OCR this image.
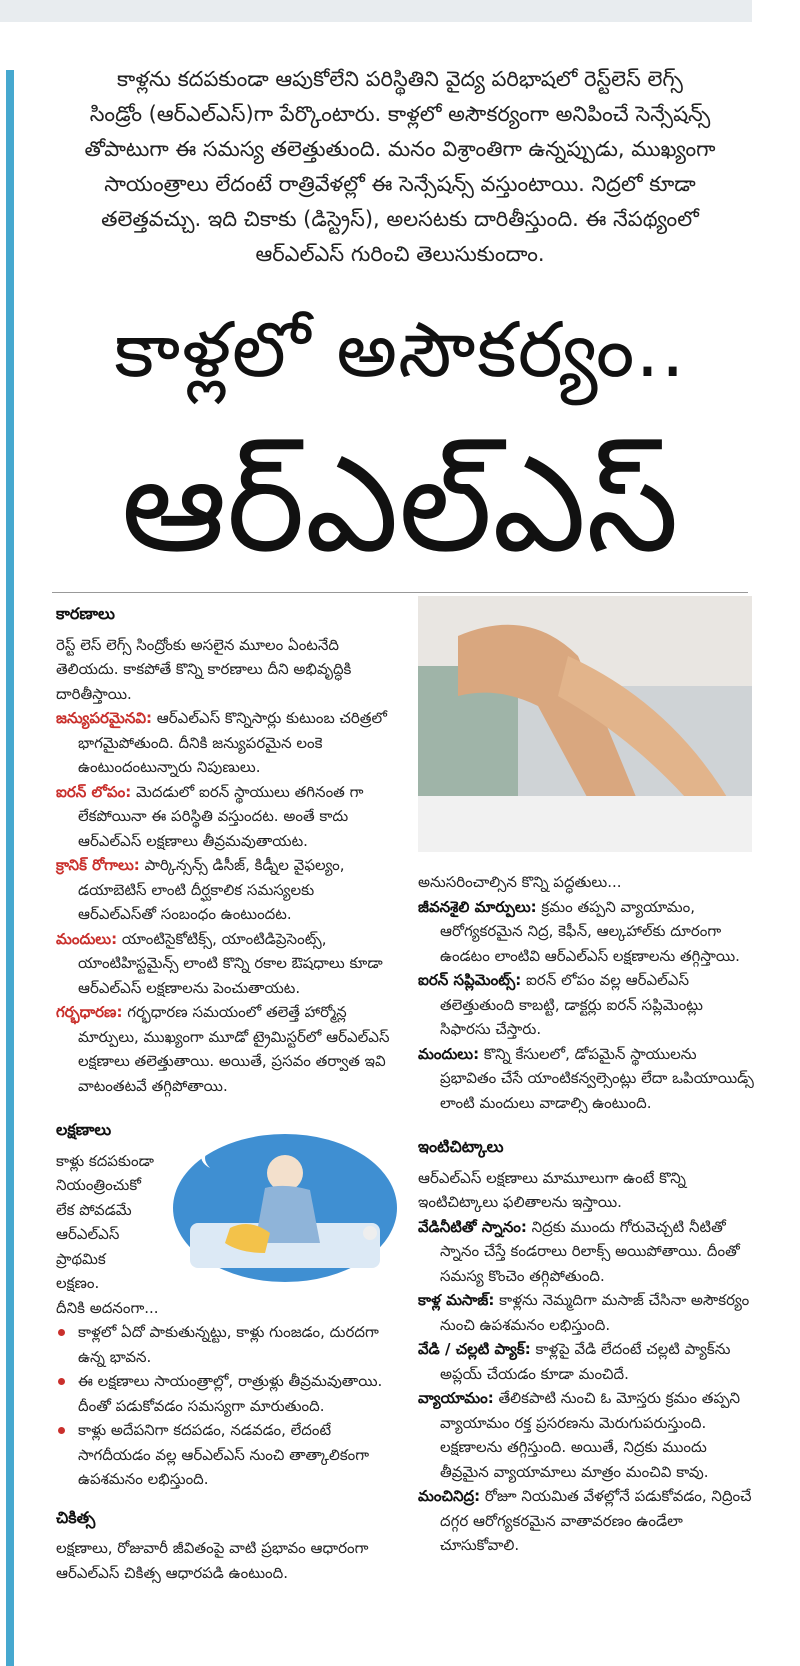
కాళ్లను కదపకుండా ఆపుకోలేని పరిస్థితిని వైద్య పరిభాషలో రెస్ట్‌లెస్ లెగ్స్

సిండ్రోం (ఆర్‌ఎల్‌ఎస్)గా పేర్కొంటారు. కాళ్లలో అసౌకర్యంగా అనిపించే సెన్సేషన్స్

తోపాటుగా ఈ సమస్య తలెత్తుతుంది. మనం విశ్రాంతిగా ఉన్నప్పుడు, ముఖ్యంగా

సాయంత్రాలు లేదంటే రాత్రివేళల్లో ఈ సెన్సేషన్స్ వస్తుంటాయి. నిద్రలో కూడా

తలెత్తవచ్చు. ఇది చికాకు (డిస్ట్రెస్), అలసటకు దారితీస్తుంది. ఈ నేపథ్యంలో

ఆర్‌ఎల్‌ఎస్ గురించి తెలుసుకుందాం.

కాళ్లలో అసౌకర్యం..
ఆర్‌ఎల్‌ఎస్
కారణాలు

రెస్ట్ లెస్ లెగ్స్ సింద్రోంకు అసలైన మూలం ఏంటనేది తెలియదు. కాకపోతే కొన్ని కారణాలు దీని అభివృద్ధికి దారితీస్తాయి.

జన్యుపరమైనవి: ఆర్‌ఎల్‌ఎస్ కొన్నిసార్లు కుటుంబ చరిత్రలో భాగమైపోతుంది. దీనికి జన్యుపరమైన లంకె ఉంటుందంటున్నారు నిపుణులు.

ఐరన్ లోపం: మెదడులో ఐరన్ స్థాయులు తగినంత గా లేకపోయినా ఈ పరిస్థితి వస్తుందట. అంతే కాదు ఆర్‌ఎల్‌ఎస్ లక్షణాలు తీవ్రమవుతాయట.

క్రానిక్ రోగాలు: పార్కిన్సన్స్ డిసీజ్, కిడ్నీల వైఫల్యం, డయాబెటిస్ లాంటి దీర్ఘకాలిక సమస్యలకు ఆర్ఎల్‌ఎస్‌తో సంబంధం ఉంటుందట.

మందులు: యాంటిసైకోటిక్స్, యాంటిడిప్రెసెంట్స్, యాంటిహిస్టమైన్స్ లాంటి కొన్ని రకాల ఔషధాలు కూడా ఆర్‌ఎల్‌ఎస్ లక్షణాలను పెంచుతాయట.

గర్భధారణ: గర్భధారణ సమయంలో తలెత్తే హార్మోన్ల మార్పులు, ముఖ్యంగా మూడో ట్రైమిస్టర్‌లో ఆర్ఎల్‌ఎస్ లక్షణాలు తలెత్తుతాయి. అయితే, ప్రసవం తర్వాత ఇవి వాటంతటవే తగ్గిపోతాయి.

లక్షణాలు
కాళ్లు కదపకుండా
నియంత్రించుకో
లేక పోవడమే
ఆర్‌ఎల్‌ఎస్
ప్రాథమిక
లక్షణం.
దీనికి అదనంగా...
కాళ్లలో ఏదో పాకుతున్నట్టు, కాళ్లు గుంజడం, దురదగా ఉన్న భావన.
ఈ లక్షణాలు సాయంత్రాల్లో, రాత్రుళ్లు తీవ్రమవుతాయి. దీంతో పడుకోవడం సమస్యగా మారుతుంది.
కాళ్లు అదేపనిగా కదపడం, నడవడం, లేదంటే సాగదీయడం వల్ల ఆర్‌ఎల్‌ఎస్ నుంచి తాత్కాలికంగా ఉపశమనం లభిస్తుంది.
చికిత్స

లక్షణాలు, రోజువారీ జీవితంపై వాటి ప్రభావం ఆధారంగా ఆర్‌ఎల్‌ఎస్ చికిత్స ఆధారపడి ఉంటుంది.

అనుసరించాల్సిన కొన్ని పద్ధతులు...

జీవనశైలి మార్పులు: క్రమం తప్పని వ్యాయామం, ఆరోగ్యకరమైన నిద్ర, కెఫీన్, ఆల్కహాల్‌కు దూరంగా ఉండటం లాంటివి ఆర్‌ఎల్‌ఎస్ లక్షణాలను తగ్గిస్తాయి.

ఐరన్ సప్లిమెంట్స్: ఐరన్ లోపం వల్ల ఆర్‌ఎల్‌ఎస్ తలెత్తుతుంది కాబట్టి, డాక్టర్లు ఐరన్ సప్లిమెంట్లు సిఫారసు చేస్తారు.

మందులు: కొన్ని కేసులలో, డోపమైన్ స్థాయులను ప్రభావితం చేసే యాంటికన్వల్సెంట్లు లేదా ఒపియాయిడ్స్ లాంటి మందులు వాడాల్సి ఉంటుంది.

ఇంటిచిట్కాలు

ఆర్‌ఎల్‌ఎస్ లక్షణాలు మామూలుగా ఉంటే కొన్ని ఇంటిచిట్కాలు ఫలితాలను ఇస్తాయి.

వేడినీటితో స్నానం: నిద్రకు ముందు గోరువెచ్చటి నీటితో స్నానం చేస్తే కండరాలు రిలాక్స్ అయిపోతాయి. దీంతో సమస్య కొంచెం తగ్గిపోతుంది.

కాళ్ల మసాజ్: కాళ్లను నెమ్మదిగా మసాజ్ చేసినా అసౌకర్యం నుంచి ఉపశమనం లభిస్తుంది.

వేడి / చల్లటి ప్యాక్: కాళ్లపై వేడి లేదంటే చల్లటి ప్యాక్‌ను అప్లయ్ చేయడం కూడా మంచిదే.

వ్యాయామం: తేలికపాటి నుంచి ఓ మోస్తరు క్రమం తప్పని వ్యాయామం రక్త ప్రసరణను మెరుగుపరుస్తుంది. లక్షణాలను తగ్గిస్తుంది. అయితే, నిద్రకు ముందు తీవ్రమైన వ్యాయామాలు మాత్రం మంచివి కావు.

మంచినిద్ర: రోజూ నియమిత వేళల్లోనే పడుకోవడం, నిద్రించే దగ్గర ఆరోగ్యకరమైన వాతావరణం ఉండేలా చూసుకోవాలి.
